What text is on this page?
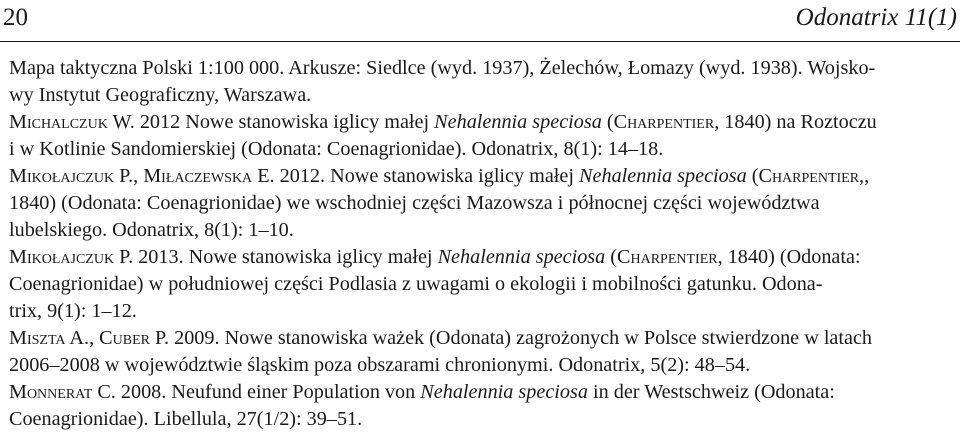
20	Odonatrix 11(1)

Mapa taktyczna Polski 1:100 000. Arkusze: Siedlce (wyd. 1937), Żelechów, Łomazy (wyd. 1938). Wojsko-
wy Instytut Geograficzny, Warszawa.

Michalczuk W. 2012 Nowe stanowiska iglicy małej Nehalennia speciosa (Charpentier, 1840) na Roztoczu
i w Kotlinie Sandomierskiej (Odonata: Coenagrionidae). Odonatrix, 8(1): 14–18.

Mikołajczuk P., Miłaczewska E. 2012. Nowe stanowiska iglicy małej Nehalennia speciosa (Charpentier,,
1840) (Odonata: Coenagrionidae) we wschodniej części Mazowsza i północnej części województwa
lubelskiego. Odonatrix, 8(1): 1–10.

Mikołajczuk P. 2013. Nowe stanowiska iglicy małej Nehalennia speciosa (Charpentier, 1840) (Odonata:
Coenagrionidae) w południowej części Podlasia z uwagami o ekologii i mobilności gatunku. Odona-
trix, 9(1): 1–12.

Miszta A., Cuber P. 2009. Nowe stanowiska ważek (Odonata) zagrożonych w Polsce stwierdzone w latach
2006–2008 w województwie śląskim poza obszarami chronionymi. Odonatrix, 5(2): 48–54.

Monnerat C. 2008. Neufund einer Population von Nehalennia speciosa in der Westschweiz (Odonata:
Coenagrionidae). Libellula, 27(1/2): 39–51.
